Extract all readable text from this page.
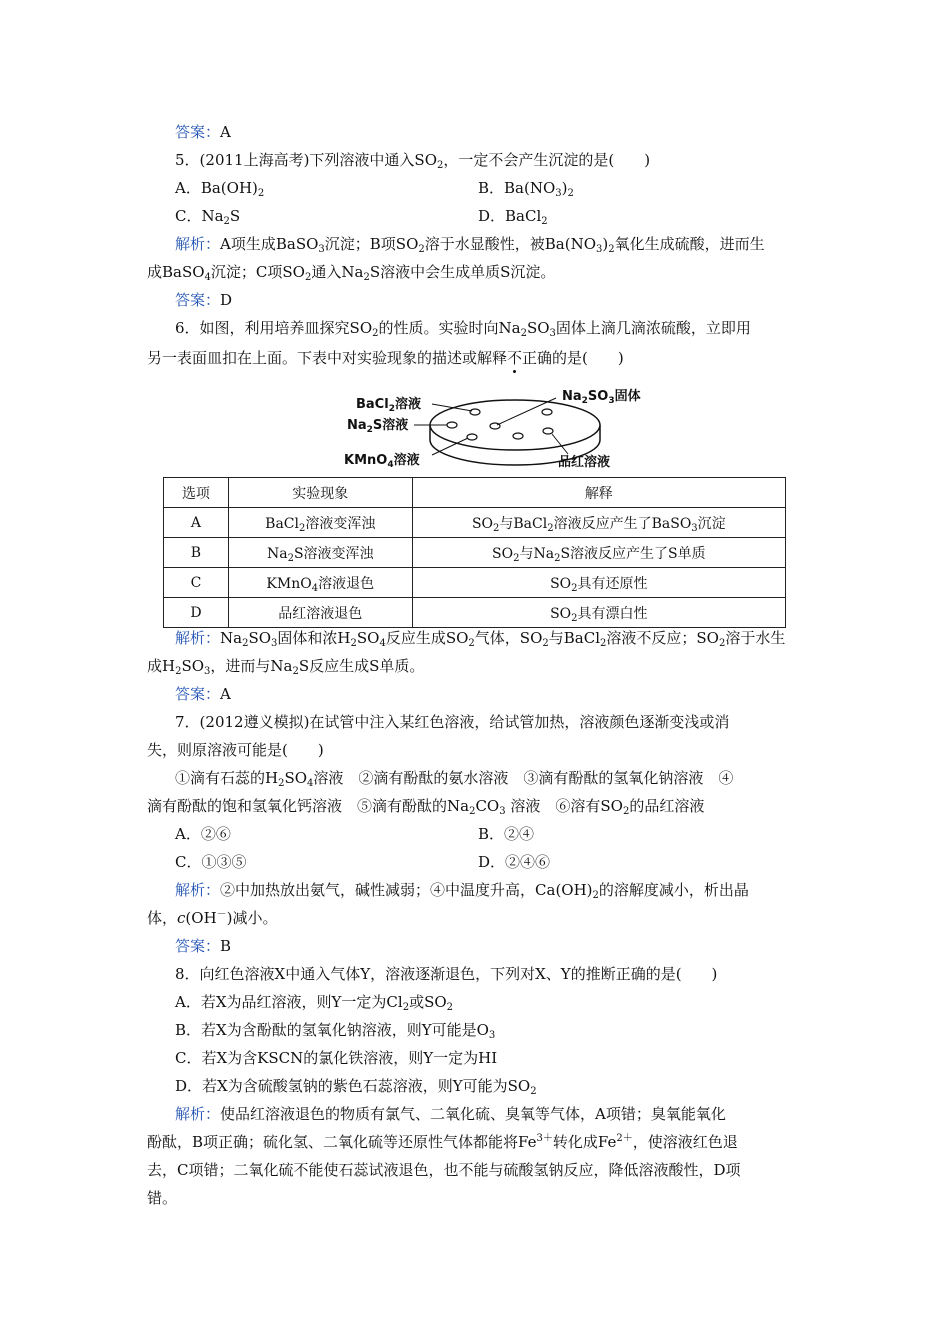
答案：A
5．(2011上海高考)下列溶液中通入$SO_2$，一定不会产生沉淀的是(　　)
A．$Ba(OH)_2$	B．$Ba(NO_3)_2$
C．$Na_2S$	D．BaCl$_2$
解析：A项生成BaSO$_3$沉淀；B项$SO_2$溶于水显酸性，被$Ba(NO_3)_2$氧化生成硫酸，进而生
成BaSO$_4$沉淀；C项$SO_2$通入$Na_2S$溶液中会生成单质S沉淀。
答案：D
6．如图，利用培养皿探究$SO_2$的性质。实验时向$Na_2SO_3$固体上滴几滴浓硫酸，立即用
另一表面皿扣在上面。下表中对实验现象的描述或解释不正确的是(　　)
BaCl$_2$溶液
$Na_2S$溶液
KMnO$_4$溶液
$Na_2SO_3$固体
品红溶液
选项	实验现象	解释
A	BaCl$_2$溶液变浑浊	$SO_2$与BaCl$_2$溶液反应产生了BaSO$_3$沉淀
B	$Na_2S$溶液变浑浊	$SO_2$与$Na_2S$溶液反应产生了S单质
C	KMnO$_4$溶液退色	$SO_2$具有还原性
D	品红溶液退色	$SO_2$具有漂白性
解析：$Na_2SO_3$固体和浓$H_2SO_4$反应生成$SO_2$气体，$SO_2$与BaCl$_2$溶液不反应；$SO_2$溶于水生
成$H_2SO_3$，进而与$Na_2S$反应生成S单质。
答案：A
7．(2012遵义模拟)在试管中注入某红色溶液，给试管加热，溶液颜色逐渐变浅或消
失，则原溶液可能是(　　)
①滴有石蕊的$H_2SO_4$溶液　②滴有酚酞的氨水溶液　③滴有酚酞的氢氧化钠溶液　④
滴有酚酞的饱和氢氧化钙溶液　⑤滴有酚酞的$Na_2CO_3$ 溶液　⑥溶有$SO_2$的品红溶液
A．②⑥	B．②④
C．①③⑤	D．②④⑥
解析：②中加热放出氨气，碱性减弱；④中温度升高，$Ca(OH)_2$的溶解度减小，析出晶
体，c(OH－)减小。
答案：B
8．向红色溶液X中通入气体Y，溶液逐渐退色，下列对X、Y的推断正确的是(　　)
A．若X为品红溶液，则Y一定为$Cl_2$或$SO_2$
B．若X为含酚酞的氢氧化钠溶液，则Y可能是$O_3$
C．若X为含KSCN的氯化铁溶液，则Y一定为HI
D．若X为含硫酸氢钠的紫色石蕊溶液，则Y可能为$SO_2$
解析：使品红溶液退色的物质有氯气、二氧化硫、臭氧等气体，A项错；臭氧能氧化
酚酞，B项正确；硫化氢、二氧化硫等还原性气体都能将$Fe^{3+}$转化成$Fe^{2+}$，使溶液红色退
去，C项错；二氧化硫不能使石蕊试液退色，也不能与硫酸氢钠反应，降低溶液酸性，D项
错。
